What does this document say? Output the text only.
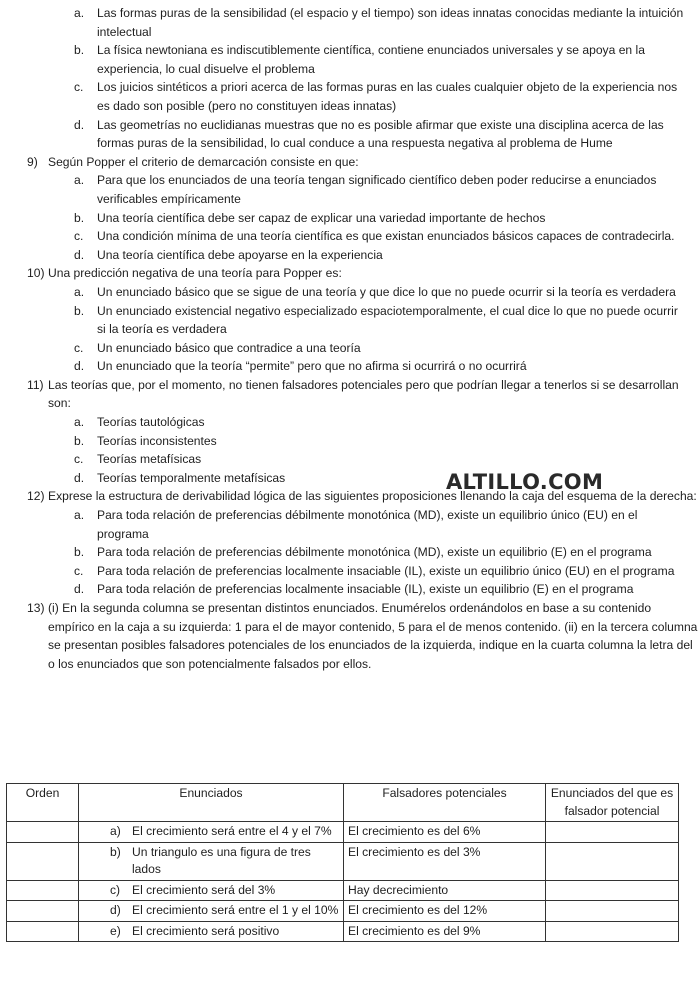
a. Las formas puras de la sensibilidad (el espacio y el tiempo) son ideas innatas conocidas mediante la intuición intelectual
b. La física newtoniana es indiscutiblemente científica, contiene enunciados universales y se apoya en la experiencia, lo cual disuelve el problema
c. Los juicios sintéticos a priori acerca de las formas puras en las cuales cualquier objeto de la experiencia nos es dado son posible (pero no constituyen ideas innatas)
d. Las geometrías no euclidianas muestras que no es posible afirmar que existe una disciplina acerca de las formas puras de la sensibilidad, lo cual conduce a una respuesta negativa al problema de Hume
9) Según Popper el criterio de demarcación consiste en que:
a. Para que los enunciados de una teoría tengan significado científico deben poder reducirse a enunciados verificables empíricamente
b. Una teoría científica debe ser capaz de explicar una variedad importante de hechos
c. Una condición mínima de una teoría científica es que existan enunciados básicos capaces de contradecirla.
d. Una teoría científica debe apoyarse en la experiencia
10) Una predicción negativa de una teoría para Popper es:
a. Un enunciado básico que se sigue de una teoría y que dice lo que no puede ocurrir si la teoría es verdadera
b. Un enunciado existencial negativo especializado espaciotemporalmente, el cual dice lo que no puede ocurrir si la teoría es verdadera
c. Un enunciado básico que contradice a una teoría
d. Un enunciado que la teoría “permite” pero que no afirma si ocurrirá o no ocurrirá
11) Las teorías que, por el momento, no tienen falsadores potenciales pero que podrían llegar a tenerlos si se desarrollan son:
a. Teorías tautológicas
b. Teorías inconsistentes
c. Teorías metafísicas
d. Teorías temporalmente metafísicas
12) Exprese la estructura de derivabilidad lógica de las siguientes proposiciones llenando la caja del esquema de la derecha:
a. Para toda relación de preferencias débilmente monotónica (MD), existe un equilibrio único (EU) en el programa
b. Para toda relación de preferencias débilmente monotónica (MD), existe un equilibrio (E) en el programa
c. Para toda relación de preferencias localmente insaciable (IL), existe un equilibrio único (EU) en el programa
d. Para toda relación de preferencias localmente insaciable (IL), existe un equilibrio (E) en el programa
13) (i) En la segunda columna se presentan distintos enunciados. Enumérelos ordenándolos en base a su contenido empírico en la caja a su izquierda: 1 para el de mayor contenido, 5 para el de menos contenido. (ii) en la tercera columna se presentan posibles falsadores potenciales de los enunciados de la izquierda, indique en la cuarta columna la letra del o los enunciados que son potencialmente falsados por ellos.
ALTILLO.COM
Orden	Enunciados	Falsadores potenciales	Enunciados del que es falsador potencial

	a) El crecimiento será entre el 4 y el 7%	El crecimiento es del 6%	

	b) Un triangulo es una figura de tres lados	El crecimiento es del 3%	

	c) El crecimiento será del 3%	Hay decrecimiento	

	d) El crecimiento será entre el 1 y el 10%	El crecimiento es del 12%	

	e) El crecimiento será positivo	El crecimiento es del 9%	
